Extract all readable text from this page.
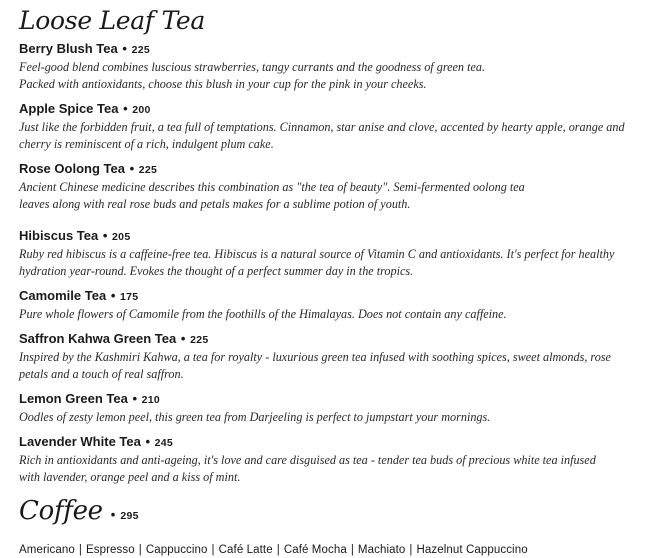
Loose Leaf Tea
Berry Blush Tea • 225

Feel-good blend combines luscious strawberries, tangy currants and the goodness of green tea. Packed with antioxidants, choose this blush in your cup for the pink in your cheeks.

Apple Spice Tea • 200

Just like the forbidden fruit, a tea full of temptations. Cinnamon, star anise and clove, accented by hearty apple, orange and cherry is reminiscent of a rich, indulgent plum cake.

Rose Oolong Tea • 225

Ancient Chinese medicine describes this combination as "the tea of beauty". Semi-fermented oolong tea leaves along with real rose buds and petals makes for a sublime potion of youth.

Hibiscus Tea • 205

Ruby red hibiscus is a caffeine-free tea. Hibiscus is a natural source of Vitamin C and antioxidants. It's perfect for healthy hydration year-round. Evokes the thought of a perfect summer day in the tropics.

Camomile Tea • 175

Pure whole flowers of Camomile from the foothills of the Himalayas. Does not contain any caffeine.

Saffron Kahwa Green Tea • 225

Inspired by the Kashmiri Kahwa, a tea for royalty - luxurious green tea infused with soothing spices, sweet almonds, rose petals and a touch of real saffron.

Lemon Green Tea • 210

Oodles of zesty lemon peel, this green tea from Darjeeling is perfect to jumpstart your mornings.

Lavender White Tea • 245

Rich in antioxidants and anti-ageing, it's love and care disguised as tea - tender tea buds of precious white tea infused with lavender, orange peel and a kiss of mint.

Coffee • 295
Americano | Espresso | Cappuccino | Café Latte | Café Mocha | Machiato | Hazelnut Cappuccino
